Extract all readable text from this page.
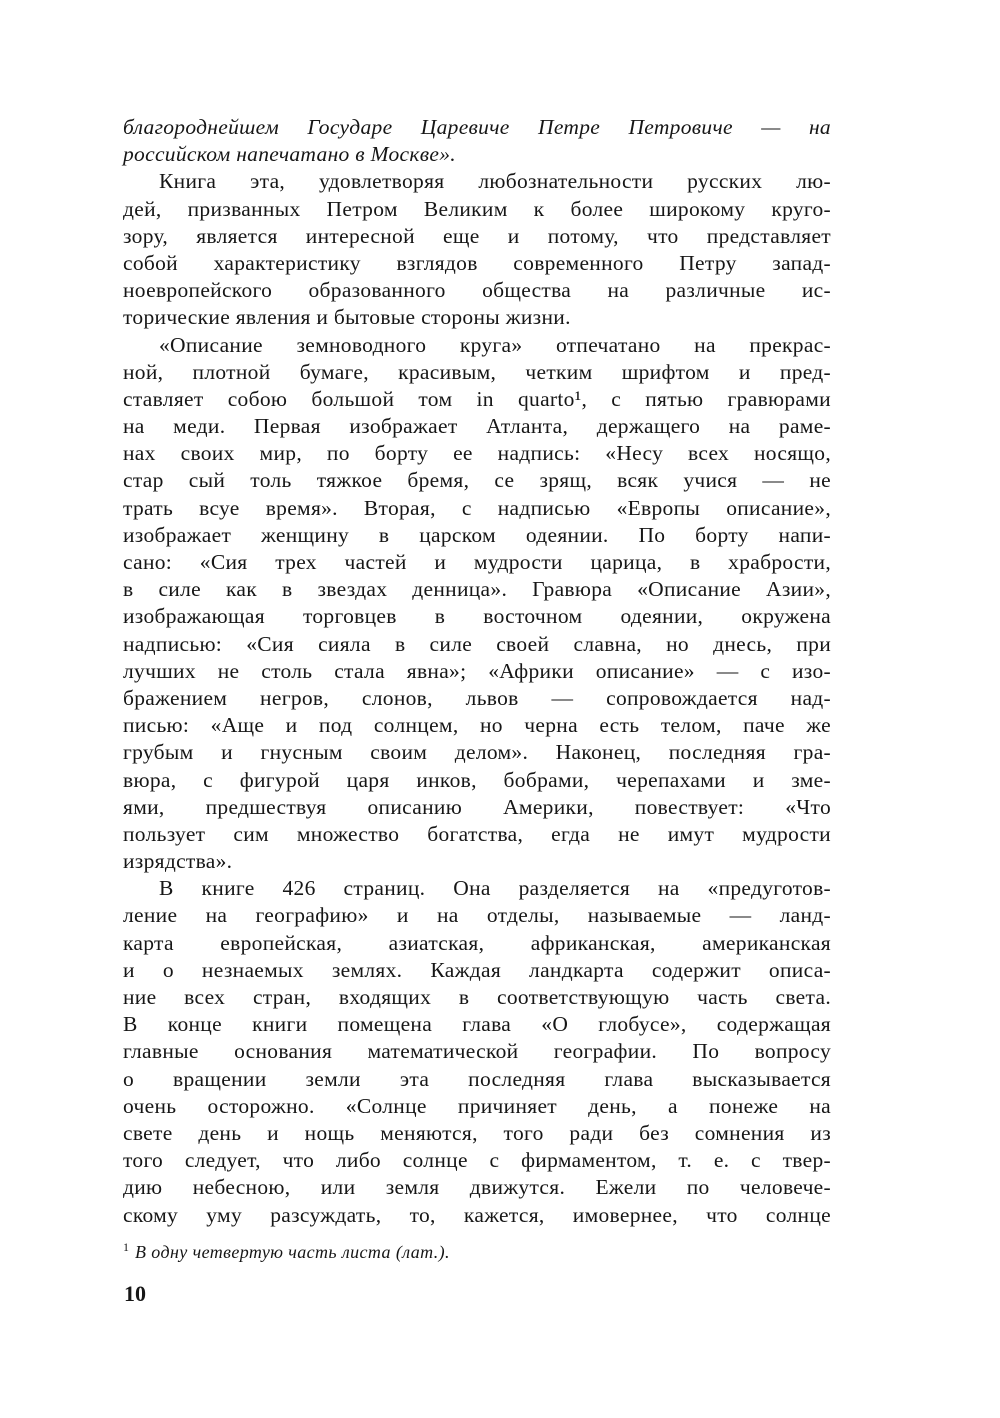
благороднейшем Государе Царевиче Петре Петровиче — на
российском напечатано в Москве».
Книга эта, удовлетворяя любознательности русских лю-
дей, призванных Петром Великим к более широкому круго-
зору, является интересной еще и потому, что представляет
собой характеристику взглядов современного Петру запад-
ноевропейского образованного общества на различные ис-
торические явления и бытовые стороны жизни.
«Описание земноводного круга» отпечатано на прекрас-
ной, плотной бумаге, красивым, четким шрифтом и пред-
ставляет собою большой том in quarto¹, с пятью гравюрами
на меди. Первая изображает Атланта, держащего на раме-
нах своих мир, по борту ее надпись: «Несу всех носящо,
стар сый толь тяжкое бремя, се зрящ, всяк учися — не
трать всуе время». Вторая, с надписью «Европы описание»,
изображает женщину в царском одеянии. По борту напи-
сано: «Сия трех частей и мудрости царица, в храбрости,
в силе как в звездах денница». Гравюра «Описание Азии»,
изображающая торговцев в восточном одеянии, окружена
надписью: «Сия сияла в силе своей славна, но днесь, при
лучших не столь стала явна»; «Африки описание» — с изо-
бражением негров, слонов, львов — сопровождается над-
писью: «Аще и под солнцем, но черна есть телом, паче же
грубым и гнусным своим делом». Наконец, последняя гра-
вюра, с фигурой царя инков, бобрами, черепахами и зме-
ями, предшествуя описанию Америки, повествует: «Что
пользует сим множество богатства, егда не имут мудрости
изрядства».
В книге 426 страниц. Она разделяется на «предуготов-
ление на географию» и на отделы, называемые — ланд-
карта европейская, азиатская, африканская, американская
и о незнаемых землях. Каждая ландкарта содержит описа-
ние всех стран, входящих в соответствующую часть света.
В конце книги помещена глава «О глобусе», содержащая
главные основания математической географии. По вопросу
о вращении земли эта последняя глава высказывается
очень осторожно. «Солнце причиняет день, а понеже на
свете день и нощь меняются, того ради без сомнения из
того следует, что либо солнце с фирмаментом, т. е. с твер-
дию небесною, или земля движутся. Ежели по человече-
скому уму разсуждать, то, кажется, имовернее, что солнце
$^1$ В одну четвертую часть листа (лат.).
10
